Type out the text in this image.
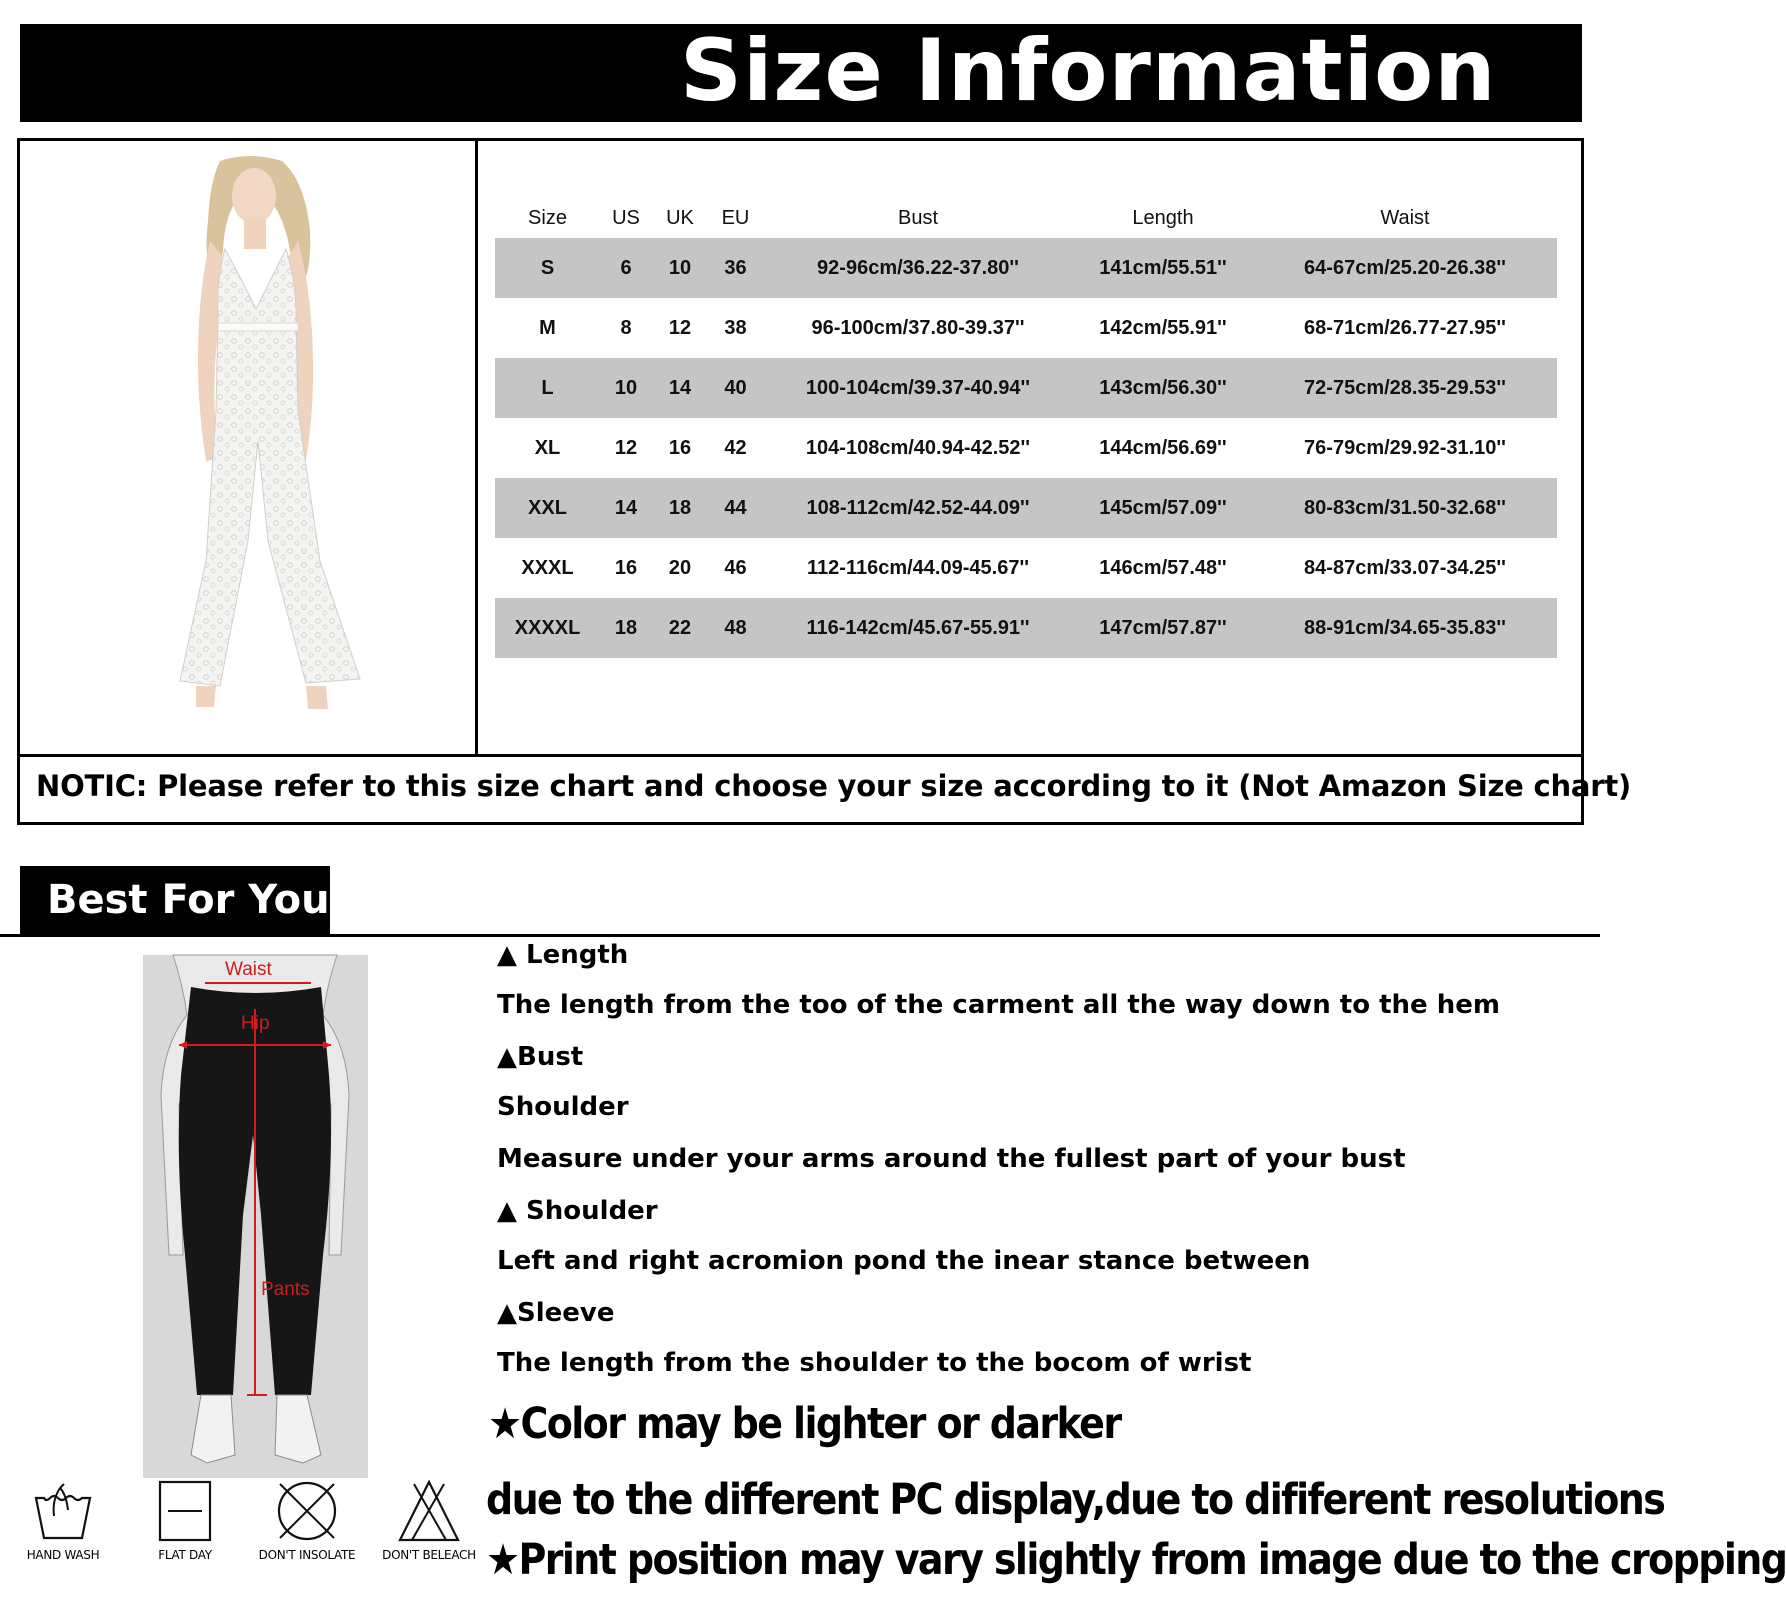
Size Information
Size	US	UK	EU	Bust	Length	Waist
S	6	10	36	92-96cm/36.22-37.80''	141cm/55.51''	64-67cm/25.20-26.38''
M	8	12	38	96-100cm/37.80-39.37''	142cm/55.91''	68-71cm/26.77-27.95''
L	10	14	40	100-104cm/39.37-40.94''	143cm/56.30''	72-75cm/28.35-29.53''
XL	12	16	42	104-108cm/40.94-42.52''	144cm/56.69''	76-79cm/29.92-31.10''
XXL	14	18	44	108-112cm/42.52-44.09''	145cm/57.09''	80-83cm/31.50-32.68''
XXXL	16	20	46	112-116cm/44.09-45.67''	146cm/57.48''	84-87cm/33.07-34.25''
XXXXL	18	22	48	116-142cm/45.67-55.91''	147cm/57.87''	88-91cm/34.65-35.83''
NOTIC: Please refer to this size chart and choose your size according to it (Not Amazon Size chart)
Best For You
Waist
Hip
Pants
HAND WASH	FLAT DAY	DON'T INSOLATE	DON'T BELEACH
▲ Length
The length from the too of the carment all the way down to the hem
▲Bust
Shoulder
Measure under your arms around the fullest part of your bust
▲ Shoulder
Left and right acromion pond the inear stance between
▲Sleeve
The length from the shoulder to the bocom of wrist
★Color may be lighter or darker
due to the different PC display,due to dififerent resolutions
★Print position may vary slightly from image due to the cropping
